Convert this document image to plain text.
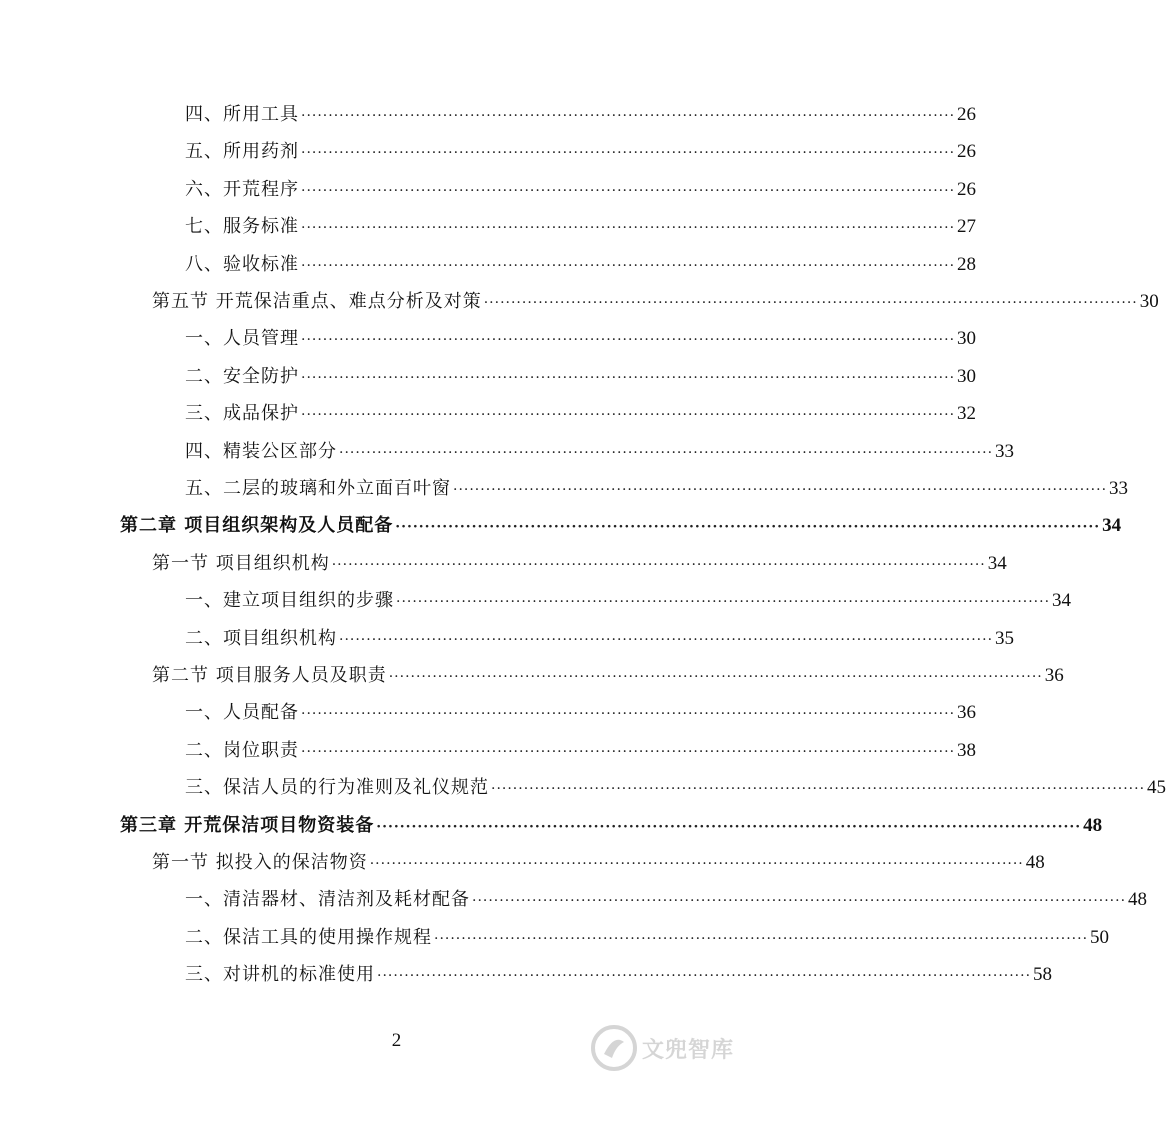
四、所用工具 ························································································································ 26
五、所用药剂 ························································································································ 26
六、开荒程序 ························································································································ 26
七、服务标准 ························································································································ 27
八、验收标准 ························································································································ 28
第五节 开荒保洁重点、难点分析及对策 ························································································································ 30
一、人员管理 ························································································································ 30
二、安全防护 ························································································································ 30
三、成品保护 ························································································································ 32
四、精装公区部分 ························································································································ 33
五、二层的玻璃和外立面百叶窗 ························································································································ 33
第二章 项目组织架构及人员配备 ························································································································ 34
第一节 项目组织机构 ························································································································ 34
一、建立项目组织的步骤 ························································································································ 34
二、项目组织机构 ························································································································ 35
第二节 项目服务人员及职责 ························································································································ 36
一、人员配备 ························································································································ 36
二、岗位职责 ························································································································ 38
三、保洁人员的行为准则及礼仪规范 ························································································································ 45
第三章 开荒保洁项目物资装备 ························································································································ 48
第一节 拟投入的保洁物资 ························································································································ 48
一、清洁器材、清洁剂及耗材配备 ························································································································ 48
二、保洁工具的使用操作规程 ························································································································ 50
三、对讲机的标准使用 ························································································································ 58
2	文兜智库
